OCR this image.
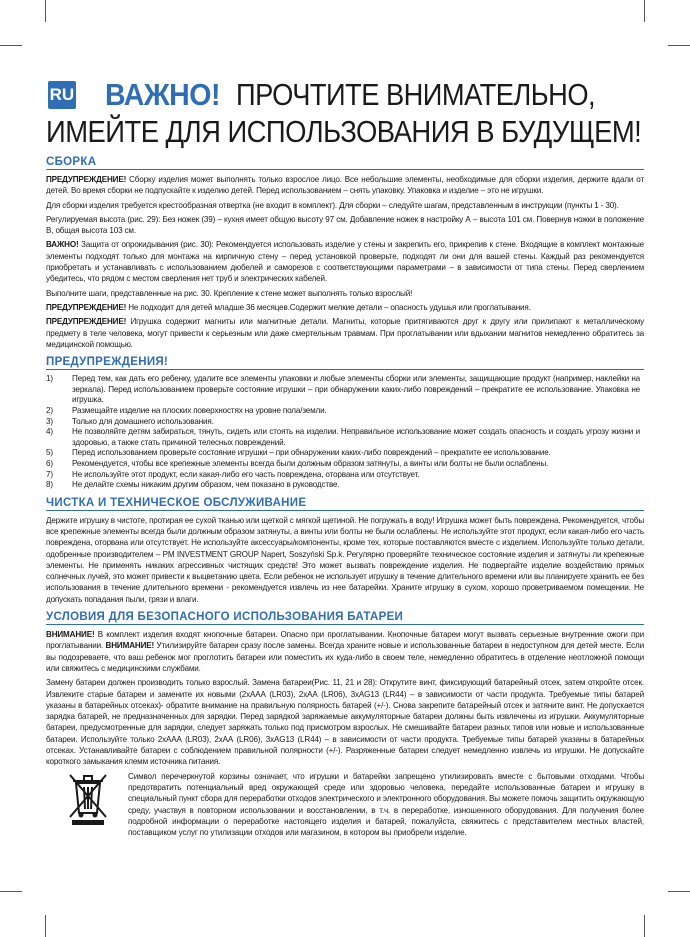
RU ВАЖНО! ПРОЧТИТЕ ВНИМАТЕЛЬНО,
ИМЕЙТЕ ДЛЯ ИСПОЛЬЗОВАНИЯ В БУДУЩЕМ!
СБОРКА

ПРЕДУПРЕЖДЕНИЕ! Сборку изделия может выполнять только взрослое лицо. Все небольшие элементы, необходимые для сборки изделия, держите вдали от детей. Во время сборки не подпускайте к изделию детей. Перед использованием – снять упаковку. Упаковка и изделие – это не игрушки.

Для сборки изделия требуется крестообразная отвертка (не входит в комплект). Для сборки – следуйте шагам, представленным в инструкции (пункты 1 - 30).

Регулируемая высота (рис. 29): Без ножек (39) – кухня имеет общую высоту 97 см. Добавление ножек в настройку А – высота 101 см. Повернув ножки в положение B, общая высота 103 см.

ВАЖНО! Защита от опрокидывания (рис. 30): Рекомендуется использовать изделие у стены и закрепить его, прикрепив к стене. Входящие в комплект монтажные элементы подходят только для монтажа на кирпичную стену – перед установкой проверьте, подходят ли они для вашей стены. Каждый раз рекомендуется приобретать и устанавливать с использованием дюбелей и саморезов с соответствующими параметрами – в зависимости от типа стены. Перед сверлением убедитесь, что рядом с местом сверления нет труб и электрических кабелей.

Выполните шаги, представленные на рис. 30. Крепление к стене может выполнять только взрослый!

ПРЕДУПРЕЖДЕНИЕ! Не подходит для детей младше 36 месяцев.Содержит мелкие детали – опасность удушья или проглатывания.

ПРЕДУПРЕЖДЕНИЕ! Игрушка содержит магниты или магнитные детали. Магниты, которые притягиваются друг к другу или прилипают к металлическому предмету в теле человека, могут привести к серьезным или даже смертельным травмам. При проглатывании или вдыхании магнитов немедленно обратитесь за медицинской помощью.

ПРЕДУПРЕЖДЕНИЯ!
1)	Перед тем, как дать его ребенку, удалите все элементы упаковки и любые элементы сборки или элементы, защищающие продукт (например, наклейки на зеркала). Перед использованием проверьте состояние игрушки – при обнаружении каких-либо повреждений – прекратите ее использование. Упаковка не игрушка.
2)	Размещайте изделие на плоских поверхностях на уровне пола/земли.
3)	Только для домашнего использования.
4)	Не позволяйте детям забираться, тянуть, сидеть или стоять на изделии. Неправильное использование может создать опасность и создать угрозу жизни и здоровью, а также стать причиной телесных повреждений.
5)	Перед использованием проверьте состояние игрушки – при обнаружении каких-либо повреждений – прекратите ее использование.
6)	Рекомендуется, чтобы все крепежные элементы всегда были должным образом затянуты, а винты или болты не были ослаблены.
7)	Не используйте этот продукт, если какая-либо его часть повреждена, оторвана или отсутствует.
8)	Не делайте схемы никаким другим образом, чем показано в руководстве.
ЧИСТКА И ТЕХНИЧЕСКОЕ ОБСЛУЖИВАНИЕ

Держите игрушку в чистоте, протирая ее сухой тканью или щеткой с мягкой щетиной. Не погружать в воду! Игрушка может быть повреждена. Рекомендуется, чтобы все крепежные элементы всегда были должным образом затянуты, а винты или болты не были ослаблены. Не используйте этот продукт, если какая-либо его часть повреждена, оторвана или отсутствует. Не используйте аксессуары/компоненты, кроме тех, которые поставляются вместе с изделием. Используйте только детали, одобренные производителем – PM INVESTMENT GROUP Napert, Soszyński Sp.k. Регулярно проверяйте техническое состояние изделия и затянуты ли крепежные элементы. Не применять никаких агрессивных чистящих средств! Это может вызвать повреждение изделия. Не подвергайте изделие воздействию прямых солнечных лучей, это может привести к выцветанию цвета. Если ребенок не использует игрушку в течение длительного времени или вы планируете хранить ее без использования в течение длительного времени - рекомендуется извлечь из нее батарейки. Храните игрушку в сухом, хорошо проветриваемом помещении. Не допускать попадания пыли, грязи и влаги.

УСЛОВИЯ ДЛЯ БЕЗОПАСНОГО ИСПОЛЬЗОВАНИЯ БАТАРЕИ

ВНИМАНИЕ! В комплект изделия входят кнопочные батареи. Опасно при проглатывании. Кнопочные батареи могут вызвать серьезные внутренние ожоги при проглатывании. ВНИМАНИЕ! Утилизируйте батареи сразу после замены. Всегда храните новые и использованные батареи в недоступном для детей месте. Если вы подозреваете, что ваш ребенок мог проглотить батареи или поместить их куда-либо в своем теле, немедленно обратитесь в отделение неотложной помощи или свяжитесь с медицинскими службами.

Замену батареи должен производить только взрослый. Замена батареи(Рис. 11, 21 и 28): Открутите винт, фиксирующий батарейный отсек, затем откройте отсек. Извлеките старые батареи и замените их новыми (2хААА (LR03), 2хАА (LR06), 3хAG13 (LR44) – в зависимости от части продукта. Требуемые типы батарей указаны в батарейных отсеках)- обратите внимание на правильную полярность батарей (+/-). Снова закрепите батарейный отсек и затяните винт. Не допускается зарядка батарей, не предназначенных для зарядки. Перед зарядкой заряжаемые аккумуляторные батареи должны быть извлечены из игрушки. Аккумуляторные батареи, предусмотренные для зарядки, следует заряжать только под присмотром взрослых. Не смешивайте батареи разных типов или новые и использованные батареи. Используйте только 2хААА (LR03), 2хАА (LR06), 3хAG13 (LR44) – в зависимости от части продукта. Требуемые типы батарей указаны в батарейных отсеках. Устанавливайте батареи с соблюдением правильной полярности (+/-). Разряженные батареи следует немедленно извлечь из игрушки. Не допускайте короткого замыкания клемм источника питания.

Символ перечеркнутой корзины означает, что игрушки и батарейки запрещено утилизировать вместе с бытовыми отходами. Чтобы предотвратить потенциальный вред окружающей среде или здоровью человека, передайте использованные батареи и игрушку в специальный пункт сбора для переработки отходов электрического и электронного оборудования. Вы можете помочь защитить окружающую среду, участвуя в повторном использовании и восстановлении, в т.ч. в переработке, изношенного оборудования. Для получения более подробной информации о переработке настоящего изделия и батарей, пожалуйста, свяжитесь с представителем местных властей, поставщиком услуг по утилизации отходов или магазином, в котором вы приобрели изделие.
